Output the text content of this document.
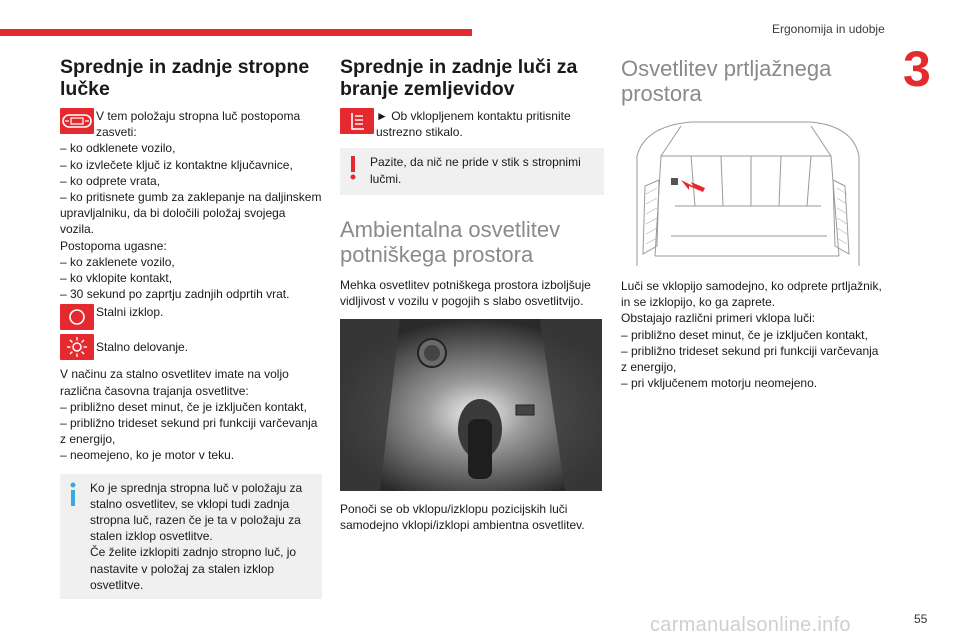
Ergonomija in udobje
3
Sprednje in zadnje stropne lučke
V tem položaju stropna luč postopoma zasveti:

– ko odklenete vozilo,

– ko izvlečete ključ iz kontaktne ključavnice,

– ko odprete vrata,

– ko pritisnete gumb za zaklepanje na daljinskem upravljalniku, da bi določili položaj svojega vozila.

Postopoma ugasne:

– ko zaklenete vozilo,

– ko vklopite kontakt,

– 30 sekund po zaprtju zadnjih odprtih vrat.

Stalni izklop.
Stalno delovanje.

V načinu za stalno osvetlitev imate na voljo različna časovna trajanja osvetlitve:

– približno deset minut, če je izključen kontakt,

– približno trideset sekund pri funkciji varčevanja z energijo,

– neomejeno, ko je motor v teku.

Ko je sprednja stropna luč v položaju za stalno osvetlitev, se vklopi tudi zadnja stropna luč, razen če je ta v položaju za stalen izklop osvetlitve.
Če želite izklopiti zadnjo stropno luč, jo nastavite v položaj za stalen izklop osvetlitve.
Sprednje in zadnje luči za branje zemljevidov
► Ob vklopljenem kontaktu pritisnite ustrezno stikalo.
Pazite, da nič ne pride v stik s stropnimi lučmi.
Ambientalna osvetlitev potniškega prostora

Mehka osvetlitev potniškega prostora izboljšuje vidljivost v vozilu v pogojih s slabo osvetlitvijo.

Ponoči se ob vklopu/izklopu pozicijskih luči samodejno vklopi/izklopi ambientna osvetlitev.

Osvetlitev prtljažnega prostora

Luči se vklopijo samodejno, ko odprete prtljažnik, in se izklopijo, ko ga zaprete.

Obstajajo različni primeri vklopa luči:

– približno deset minut, če je izključen kontakt,

– približno trideset sekund pri funkciji varčevanja z energijo,

– pri vključenem motorju neomejeno.

carmanualsonline.info	55
